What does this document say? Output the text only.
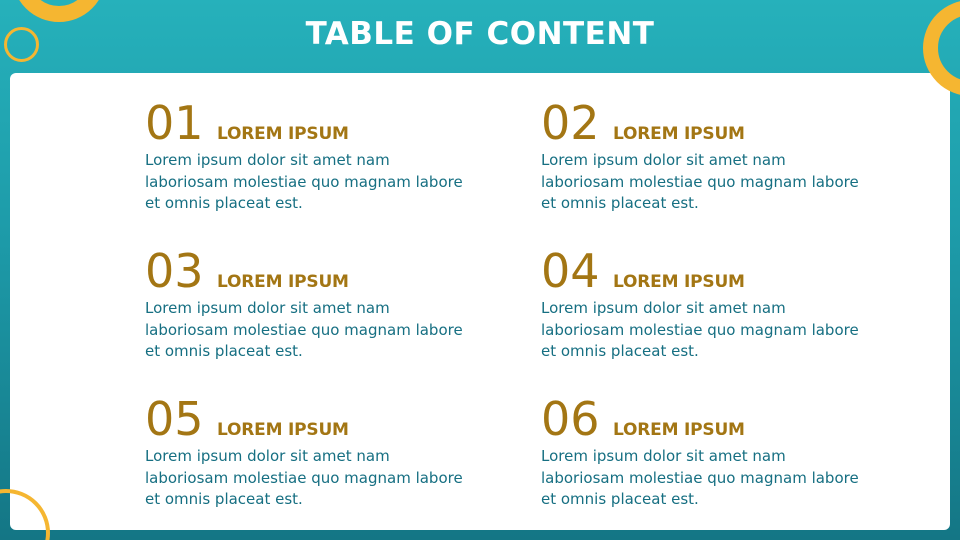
TABLE OF CONTENT
01 LOREM IPSUM
Lorem ipsum dolor sit amet nam laboriosam molestiae quo magnam labore et omnis placeat est.
02 LOREM IPSUM
Lorem ipsum dolor sit amet nam laboriosam molestiae quo magnam labore et omnis placeat est.
03 LOREM IPSUM
Lorem ipsum dolor sit amet nam laboriosam molestiae quo magnam labore et omnis placeat est.
04 LOREM IPSUM
Lorem ipsum dolor sit amet nam laboriosam molestiae quo magnam labore et omnis placeat est.
05 LOREM IPSUM
Lorem ipsum dolor sit amet nam laboriosam molestiae quo magnam labore et omnis placeat est.
06 LOREM IPSUM
Lorem ipsum dolor sit amet nam laboriosam molestiae quo magnam labore et omnis placeat est.
